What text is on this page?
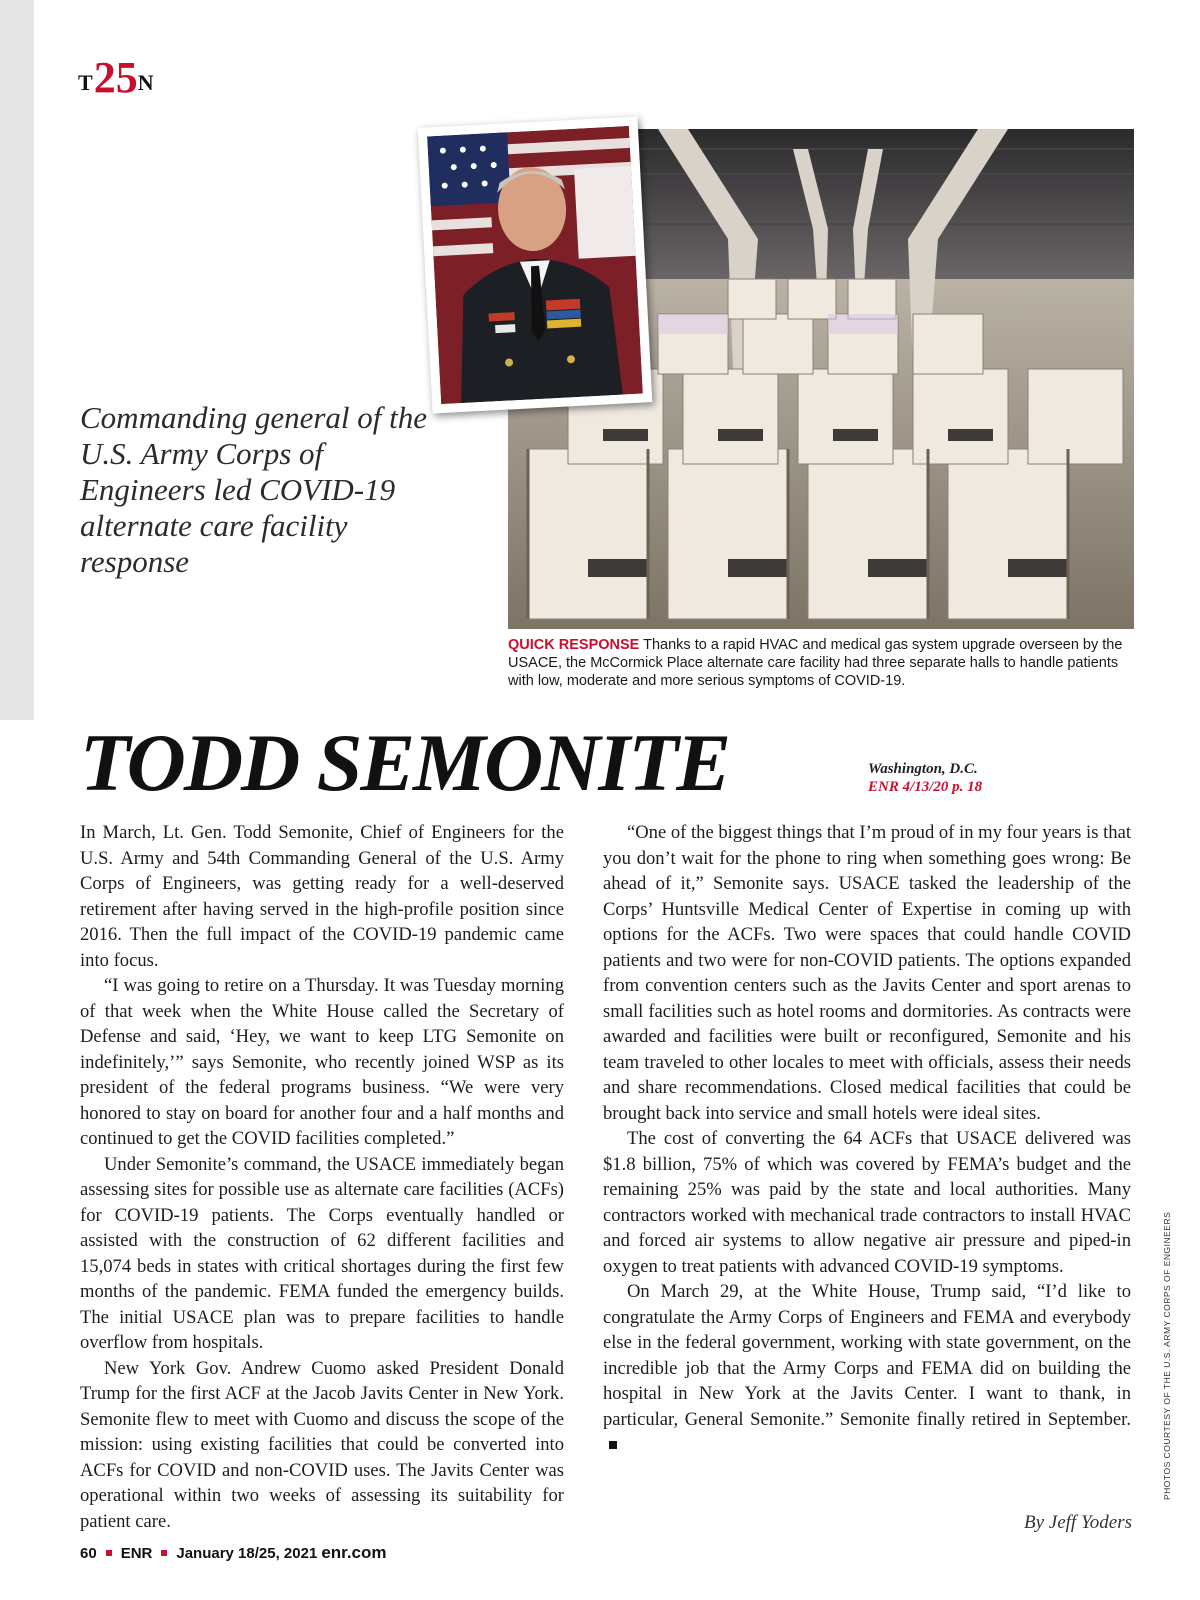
T25N
Commanding general of the U.S. Army Corps of Engineers led COVID-19 alternate care facility response
QUICK RESPONSE Thanks to a rapid HVAC and medical gas system upgrade overseen by the USACE, the McCormick Place alternate care facility had three separate halls to handle patients with low, moderate and more serious symptoms of COVID-19.
TODD SEMONITE	Washington, D.C.
ENR 4/13/20 p. 18

In March, Lt. Gen. Todd Semonite, Chief of Engineers for the U.S. Army and 54th Commanding General of the U.S. Army Corps of Engineers, was getting ready for a well-deserved retirement after having served in the high-profile position since 2016. Then the full impact of the COVID-19 pandemic came into focus.

“I was going to retire on a Thursday. It was Tuesday morning of that week when the White House called the Secretary of Defense and said, ‘Hey, we want to keep LTG Semonite on indefinitely,’” says Semonite, who recently joined WSP as its president of the federal programs business. “We were very honored to stay on board for another four and a half months and continued to get the COVID facilities completed.”

Under Semonite’s command, the USACE immediately began assessing sites for possible use as alternate care facilities (ACFs) for COVID-19 patients. The Corps eventually handled or assisted with the construction of 62 different facilities and 15,074 beds in states with critical shortages during the first few months of the pandemic. FEMA funded the emergency builds. The initial USACE plan was to prepare facilities to handle overflow from hospitals.

New York Gov. Andrew Cuomo asked President Donald Trump for the first ACF at the Jacob Javits Center in New York. Semonite flew to meet with Cuomo and discuss the scope of the mission: using existing facilities that could be converted into ACFs for COVID and non-COVID uses. The Javits Center was operational within two weeks of assessing its suitability for patient care.

“One of the biggest things that I’m proud of in my four years is that you don’t wait for the phone to ring when something goes wrong: Be ahead of it,” Semonite says. USACE tasked the leadership of the Corps’ Huntsville Medical Center of Expertise in coming up with options for the ACFs. Two were spaces that could handle COVID patients and two were for non-COVID patients. The options expanded from convention centers such as the Javits Center and sport arenas to small facilities such as hotel rooms and dormitories. As contracts were awarded and facilities were built or reconfigured, Semonite and his team traveled to other locales to meet with officials, assess their needs and share recommendations. Closed medical facilities that could be brought back into service and small hotels were ideal sites.

The cost of converting the 64 ACFs that USACE delivered was $1.8 billion, 75% of which was covered by FEMA’s budget and the remaining 25% was paid by the state and local authorities. Many contractors worked with mechanical trade contractors to install HVAC and forced air systems to allow negative air pressure and piped-in oxygen to treat patients with advanced COVID-19 symptoms.

On March 29, at the White House, Trump said, “I’d like to congratulate the Army Corps of Engineers and FEMA and everybody else in the federal government, working with state government, on the incredible job that the Army Corps and FEMA did on building the hospital in New York at the Javits Center. I want to thank, in particular, General Semonite.” Semonite finally retired in September.

By Jeff Yoders
PHOTOS COURTESY OF THE U.S. ARMY CORPS OF ENGINEERS
60 ENR January 18/25, 2021 enr.com
